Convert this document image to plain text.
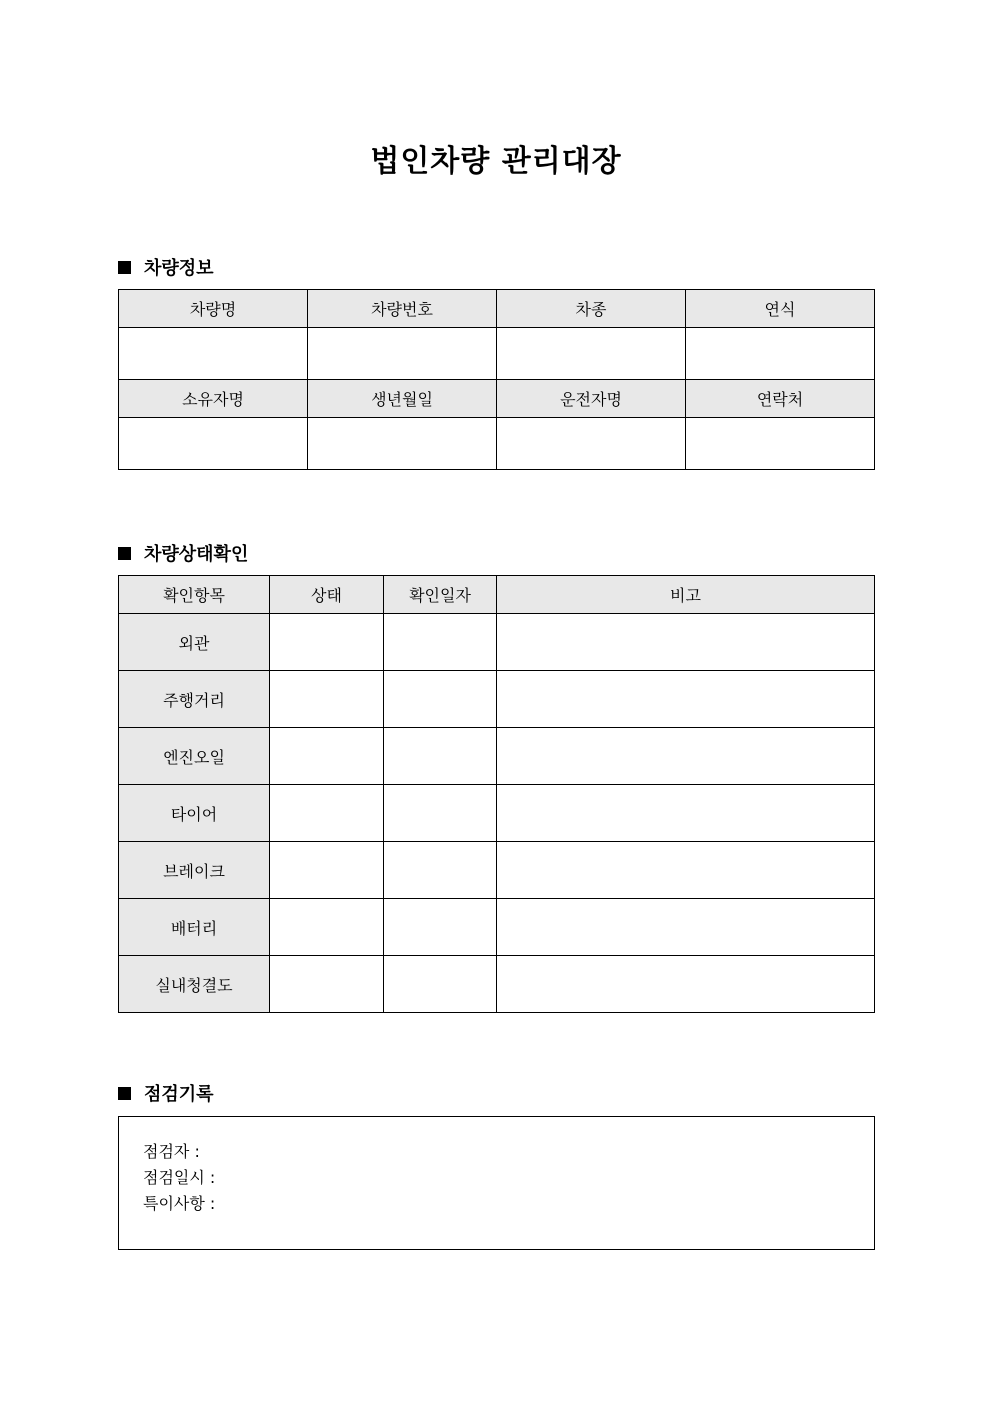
법인차량 관리대장
차량정보
차량명	차량번호	차종	연식

소유자명	생년월일	운전자명	연락처

차량상태확인
확인항목	상태	확인일자	비고
외관			
주행거리			
엔진오일			
타이어			
브레이크			
배터리			
실내청결도			
점검기록
점검자 :
점검일시 :
특이사항 :
